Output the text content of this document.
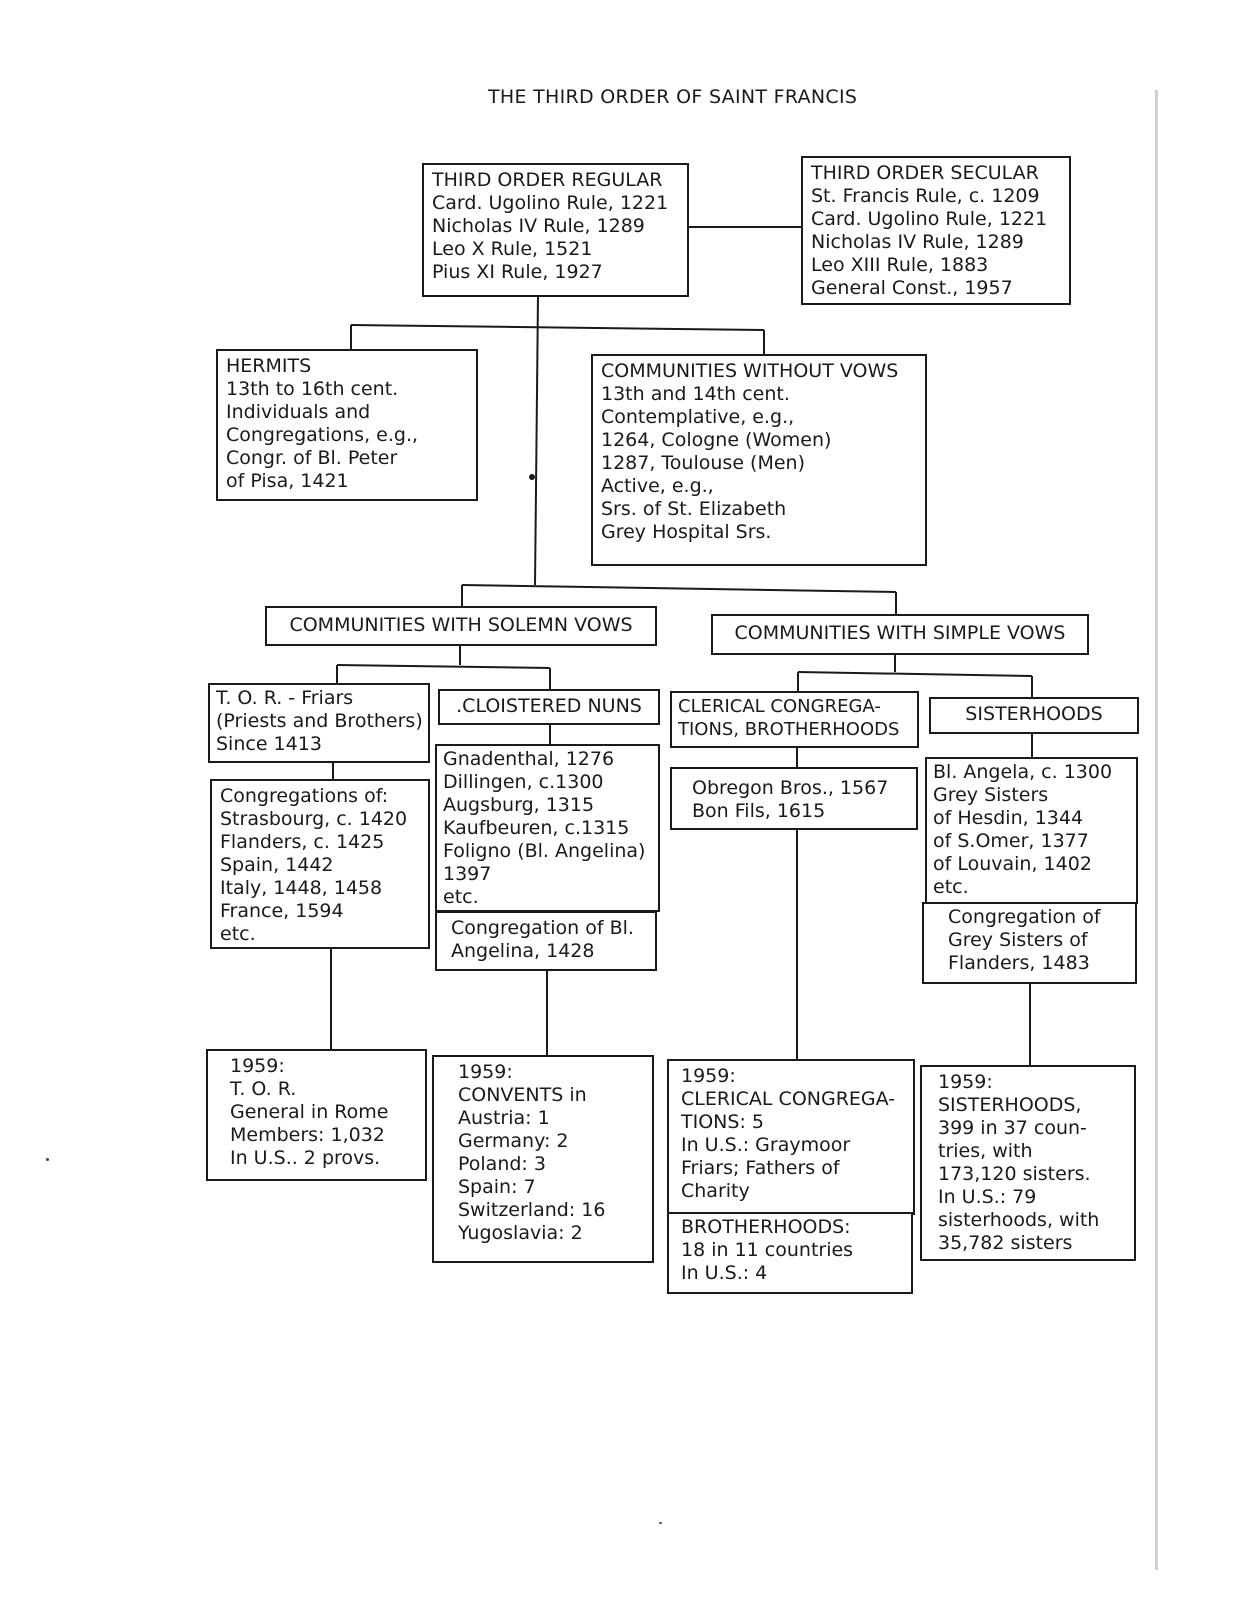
THE THIRD ORDER OF SAINT FRANCIS
THIRD ORDER REGULAR
Card. Ugolino Rule, 1221
Nicholas IV Rule, 1289
Leo X Rule, 1521
Pius XI Rule, 1927
THIRD ORDER SECULAR
St. Francis Rule, c. 1209
Card. Ugolino Rule, 1221
Nicholas IV Rule, 1289
Leo XIII Rule, 1883
General Const., 1957
HERMITS
13th to 16th cent.
Individuals and
Congregations, e.g.,
Congr. of Bl. Peter
of Pisa, 1421
COMMUNITIES WITHOUT VOWS
13th and 14th cent.
Contemplative, e.g.,
1264, Cologne (Women)
1287, Toulouse (Men)
Active, e.g.,
Srs. of St. Elizabeth
Grey Hospital Srs.
COMMUNITIES WITH SOLEMN VOWS	COMMUNITIES WITH SIMPLE VOWS
T. O. R. - Friars
(Priests and Brothers)
Since 1413
Congregations of:
Strasbourg, c. 1420
Flanders, c. 1425
Spain, 1442
Italy, 1448, 1458
France, 1594
etc.
1959:
T. O. R.
General in Rome
Members: 1,032
In U.S.. 2 provs.
.CLOISTERED NUNS
Gnadenthal, 1276
Dillingen, c.1300
Augsburg, 1315
Kaufbeuren, c.1315
Foligno (Bl. Angelina)
1397
etc.
Congregation of Bl.
Angelina, 1428
1959:
CONVENTS in
Austria: 1
Germany: 2
Poland: 3
Spain: 7
Switzerland: 16
Yugoslavia: 2
CLERICAL CONGREGA-
TIONS, BROTHERHOODS
Obregon Bros., 1567
Bon Fils, 1615
1959:
CLERICAL CONGREGA-
TIONS: 5
In U.S.: Graymoor
Friars; Fathers of
Charity
BROTHERHOODS:
18 in 11 countries
In U.S.: 4
SISTERHOODS
Bl. Angela, c. 1300
Grey Sisters
of Hesdin, 1344
of S.Omer, 1377
of Louvain, 1402
etc.
Congregation of
Grey Sisters of
Flanders, 1483
1959:
SISTERHOODS,
399 in 37 coun-
tries, with
173,120 sisters.
In U.S.: 79
sisterhoods, with
35,782 sisters
